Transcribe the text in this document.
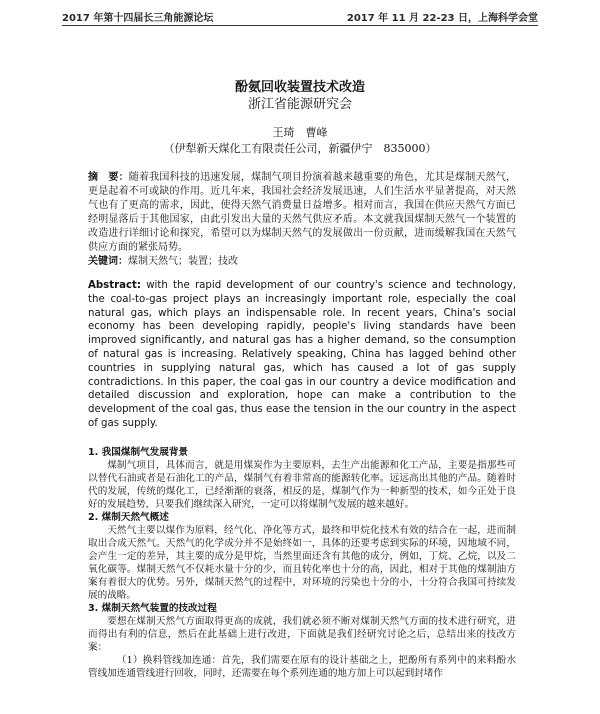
2017 年第十四届长三角能源论坛	2017 年 11 月 22-23 日，上海科学会堂
酚氨回收装置技术改造
浙江省能源研究会
王琦　曹峰
（伊犁新天煤化工有限责任公司，新疆伊宁　835000）
摘　要：随着我国科技的迅速发展，煤制气项目扮演着越来越重要的角色，尤其是煤制天然气，更是起着不可或缺的作用。近几年来，我国社会经济发展迅速，人们生活水平显著提高，对天然气也有了更高的需求，因此，使得天然气消费量日益增多。相对而言，我国在供应天然气方面已经明显落后于其他国家，由此引发出大量的天然气供应矛盾。本文就我国煤制天然气一个装置的改造进行详细讨论和探究，希望可以为煤制天然气的发展做出一份贡献，进而缓解我国在天然气供应方面的紧张局势。
关键词：煤制天然气；装置；技改
Abstract: with the rapid development of our country's science and technology, the coal-to-gas project plays an increasingly important role, especially the coal natural gas, which plays an indispensable role. In recent years, China's social economy has been developing rapidly, people's living standards have been improved significantly, and natural gas has a higher demand, so the consumption of natural gas is increasing. Relatively speaking, China has lagged behind other countries in supplying natural gas, which has caused a lot of gas supply contradictions. In this paper, the coal gas in our country a device modification and detailed discussion and exploration, hope can make a contribution to the development of the coal gas, thus ease the tension in the our country in the aspect of gas supply.

1. 我国煤制气发展背景

煤制气项目，具体而言，就是用煤炭作为主要原料，去生产出能源和化工产品，主要是指那些可以替代石油或者是石油化工的产品，煤制气有着非常高的能源转化率。远远高出其他的产品。随着时代的发展，传统的煤化工，已经渐渐的衰落，相反的是，煤制气作为一种新型的技术，如今正处于良好的发展趋势，只要我们继续深入研究，一定可以将煤制气发展的越来越好。

2. 煤制天然气概述

天然气主要以煤作为原料，经气化、净化等方式，最终和甲烷化技术有效的结合在一起，进而制取出合成天然气。天然气的化学成分并不是始终如一，具体的还要考虑到实际的环境，因地域不同，会产生一定的差异，其主要的成分是甲烷，当然里面还含有其他的成分，例如，丁烷、乙烷，以及二氧化碳等。煤制天然气不仅耗水量十分的少，而且转化率也十分的高，因此，相对于其他的煤制油方案有着很大的优势。另外，煤制天然气的过程中，对环境的污染也十分的小，十分符合我国可持续发展的战略。

3. 煤制天然气装置的技改过程

要想在煤制天然气方面取得更高的成就，我们就必须不断对煤制天然气方面的技术进行研究，进而得出有利的信息，然后在此基础上进行改进，下面就是我们经研究讨论之后，总结出来的技改方案：

（1）换料管线加连通：首先，我们需要在原有的设计基础之上，把酚所有系列中的来料酚水管线加连通管线进行回收，同时，还需要在每个系列连通的地方加上可以起到封堵作
